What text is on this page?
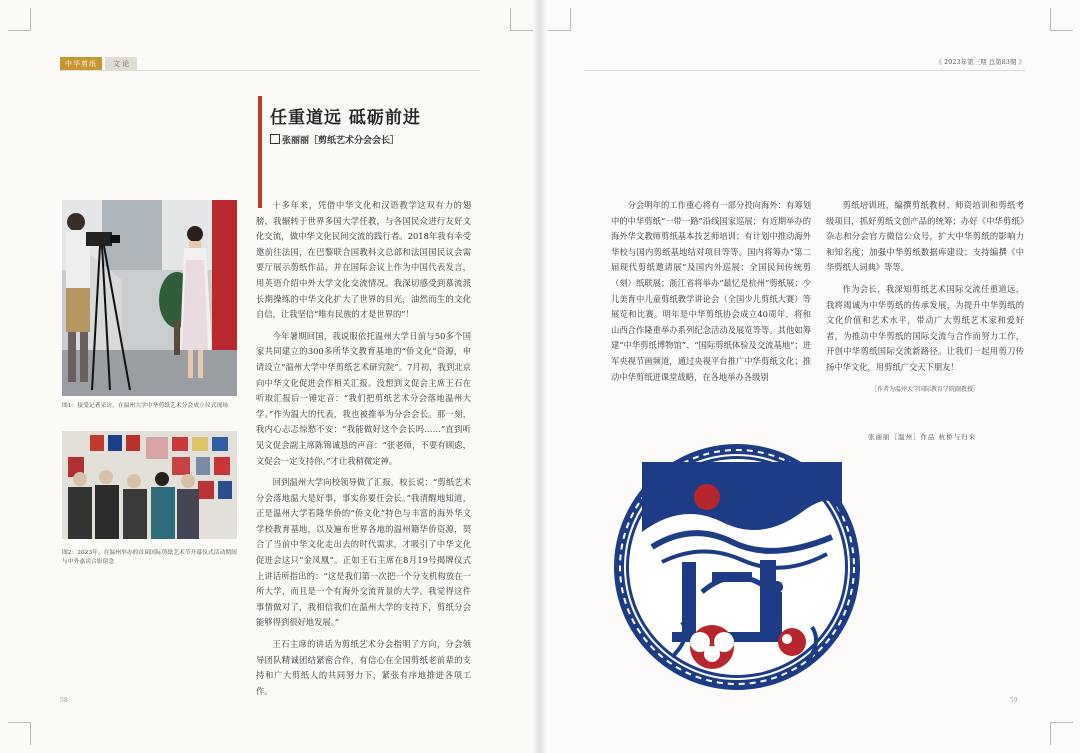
中华剪纸	文 论	《 2023年第三期 总第83期 》
任重道远 砥砺前进
张丽丽［剪纸艺术分会会长］
图1：接受记者采访，在温州大学中华剪纸艺术分会成立仪式现场
图2：2023年，在温州举办的首届国际剪纸艺术节开幕仪式活动期间与中外嘉宾合影留念

十多年来，凭借中华文化和汉语教学这双有力的翅膀，我辗转于世界多国大学任教，与各国民众进行友好文化交流，做中华文化民间交流的践行者。2018年我有幸受邀前往法国，在巴黎联合国教科文总部和法国国民议会需要厅展示剪纸作品，并在国际会议上作为中国代表发言，用英语介绍中外大学文化交流情况。我深切感受到慕流派长期操练的中华文化扩大了世界的目光，油然而生的文化自信，让我坚信“唯有民族的才是世界的”！

今年暑期回国，我说服依托温州大学日前与50多个国家共同建立的300多所华文教育基地的“侨文化”资源，申请设立“温州大学中华剪纸艺术研究院”。7月初，我到北京向中华文化促进会作相关汇报。没想到文促会主席王石在听取汇报后一锤定音：“我们把剪纸艺术分会落地温州大学。”作为温大的代表，我也被推举为分会会长。那一刻，我内心忐忑惊愁不安：“我能做好这个会长吗……”直到听见文促会副主席陈锦诚恳的声音：“张老师，不要有顾虑，文促会一定支持你。”才让我稍微定神。

回到温州大学向校领导做了汇报，校长说：“剪纸艺术分会落地温大是好事，事实你要任会长。”我清醒地知道，正是温州大学若隆华侨的“侨文化”特色与丰富的海外华文学校教育基地，以及遍布世界各地的温州籍华侨资源，契合了当前中华文化走出去的时代需求，才吸引了中华文化促进会这只“金凤凰”。正如王石主席在8月19号揭牌仪式上讲话所指出的：“这是我们第一次把一个分支机构放在一所大学，而且是一个有海外交流背景的大学。我觉得这件事情做对了，我相信我们在温州大学的支持下，剪纸分会能够得到很好地发展。”

王石主席的讲话为剪纸艺术分会指明了方向，分会领导团队精诚团结紧密合作，有信心在全国剪纸老前辈的支持和广大剪纸人的共同努力下，紧张有序地推进各项工作。

分会明年的工作重心将有一部分投向海外：有筹划中的中华剪纸“一带一路”沿线国家巡展；有近期举办的海外华文教师剪纸基本技艺师培训；有计划中推动海外华校与国内剪纸基地结对项目等等。国内将筹办“第二届现代剪纸邀请展”及国内外巡展；全国民间传统剪（刻）纸联展；浙江省将举办“最忆是杭州”剪纸展；少儿美育中儿童剪纸教学讲论会（全国少儿剪纸大赛）等展览和比赛。明年是中华剪纸协会成立40周年，将和山西合作隆重举办系列纪念活动及展览等等。其他如筹建“中华剪纸博物馆”、“国际剪纸体验及交流基地”；进军央视节画频道，通过央视平台推广中华剪纸文化；推动中华剪纸进课堂战略，在各地举办各级别

剪纸培训班，编撰剪纸教材、师资培训和剪纸考级项目，抓好剪纸文创产品的统筹；办好《中华剪纸》杂志和分会官方微信公众号，扩大中华剪纸的影响力和知名度；加强中华剪纸数据库建设；支持编撰《中华剪纸人词典》等等。

作为会长，我深知剪纸艺术国际交流任重道远，我将竭诚为中华剪纸的传承发展，为提升中华剪纸的文化价值和艺术水平，带动广大剪纸艺术家和爱好者，为推动中华剪纸的国际交流与合作而努力工作，开创中华剪纸国际交流新路径。让我们一起用剪刀传扬中华文化，用剪纸广交天下朋友！

［作者为温州大学国际教育学院副教授］

张丽丽［温州］作品 杭桥与归来
58	59
